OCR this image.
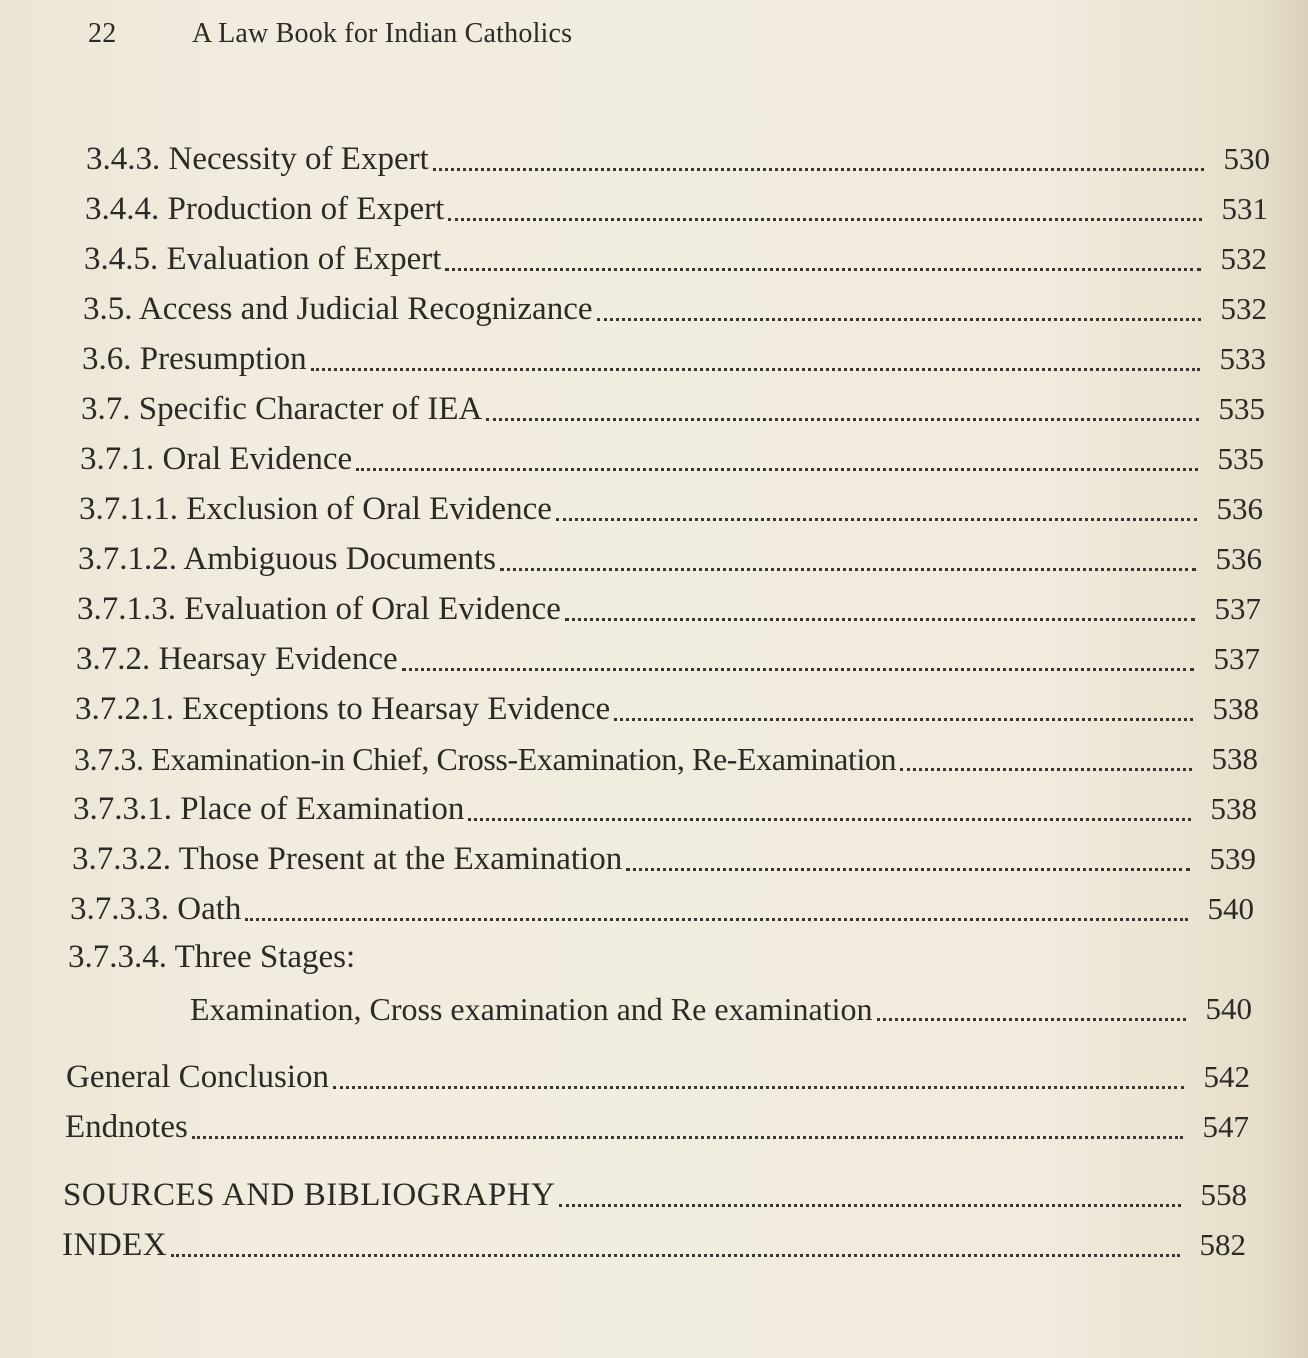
22	A Law Book for Indian Catholics
3.4.3. Necessity of Expert	530
3.4.4. Production of Expert	531
3.4.5. Evaluation of Expert	532
3.5. Access and Judicial Recognizance	532
3.6. Presumption	533
3.7. Specific Character of IEA	535
3.7.1. Oral Evidence	535
3.7.1.1. Exclusion of Oral Evidence	536
3.7.1.2. Ambiguous Documents	536
3.7.1.3. Evaluation of Oral Evidence	537
3.7.2. Hearsay Evidence	537
3.7.2.1. Exceptions to Hearsay Evidence	538
3.7.3. Examination-in Chief, Cross-Examination, Re-Examination	538
3.7.3.1. Place of Examination	538
3.7.3.2. Those Present at the Examination	539
3.7.3.3. Oath	540
3.7.3.4. Three Stages:
Examination, Cross examination and Re examination	540
General Conclusion	542
Endnotes	547
SOURCES AND BIBLIOGRAPHY	558
INDEX	582
